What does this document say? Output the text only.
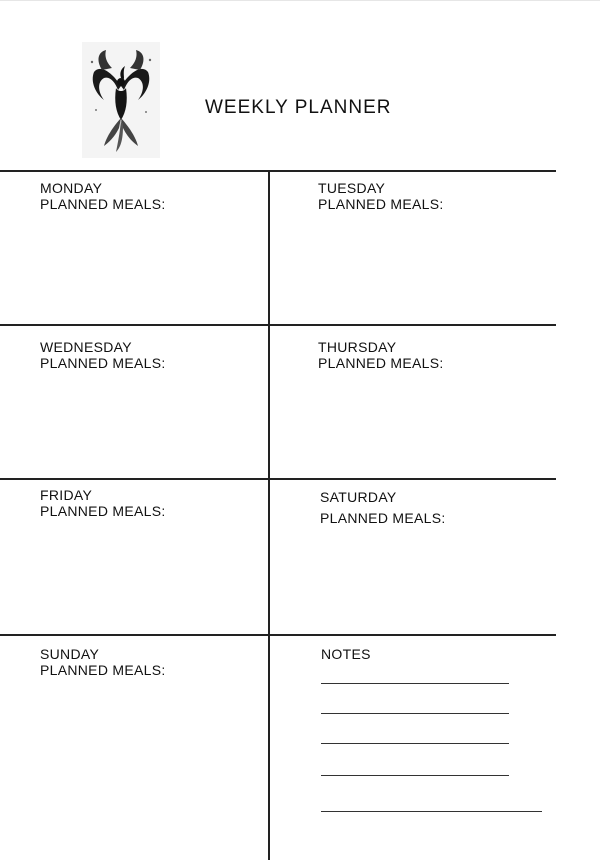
WEEKLY PLANNER
MONDAY
PLANNED MEALS:
TUESDAY
PLANNED MEALS:
WEDNESDAY
PLANNED MEALS:
THURSDAY
PLANNED MEALS:
FRIDAY
PLANNED MEALS:
SATURDAY
PLANNED MEALS:
SUNDAY
PLANNED MEALS:
NOTES
